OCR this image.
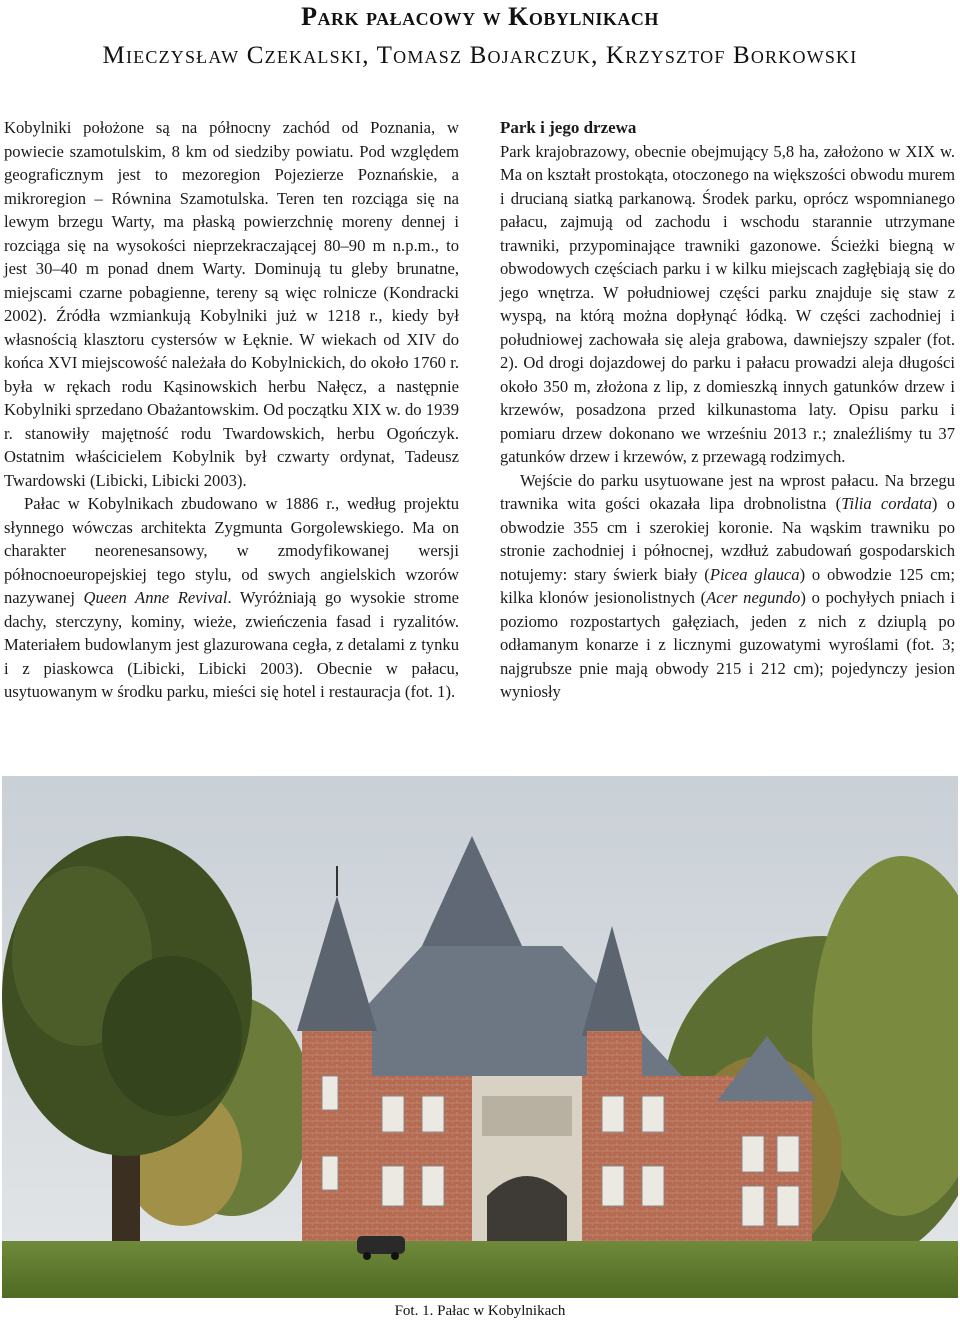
Park pałacowy w Kobylnikach
Mieczysław Czekalski, Tomasz Bojarczuk, Krzysztof Borkowski

Kobylniki położone są na północny zachód od Poznania, w powiecie szamotulskim, 8 km od siedziby powiatu. Pod względem geograficznym jest to mezoregion Pojezierze Poznańskie, a mikroregion – Równina Szamotulska. Teren ten rozciąga się na lewym brzegu Warty, ma płaską powierzchnię moreny dennej i rozciąga się na wysokości nieprzekraczającej 80–90 m n.p.m., to jest 30–40 m ponad dnem Warty. Dominują tu gleby brunatne, miejscami czarne pobagienne, tereny są więc rolnicze (Kondracki 2002). Źródła wzmiankują Kobylniki już w 1218 r., kiedy był własnością klasztoru cystersów w Łęknie. W wiekach od XIV do końca XVI miejscowość należała do Kobylnickich, do około 1760 r. była w rękach rodu Kąsinowskich herbu Nałęcz, a następnie Kobylniki sprzedano Obażantowskim. Od początku XIX w. do 1939 r. stanowiły majętność rodu Twardowskich, herbu Ogończyk. Ostatnim właścicielem Kobylnik był czwarty ordynat, Tadeusz Twardowski (Libicki, Libicki 2003).

Pałac w Kobylnikach zbudowano w 1886 r., według projektu słynnego wówczas architekta Zygmunta Gorgolewskiego. Ma on charakter neorenesansowy, w zmodyfikowanej wersji północnoeuropejskiej tego stylu, od swych angielskich wzorów nazywanej Queen Anne Revival. Wyróżniają go wysokie strome dachy, sterczyny, kominy, wieże, zwieńczenia fasad i ryzalitów. Materiałem budowlanym jest glazurowana cegła, z detalami z tynku i z piaskowca (Libicki, Libicki 2003). Obecnie w pałacu, usytuowanym w środku parku, mieści się hotel i restauracja (fot. 1).

Park i jego drzewa

Park krajobrazowy, obecnie obejmujący 5,8 ha, założono w XIX w. Ma on kształt prostokąta, otoczonego na większości obwodu murem i drucianą siatką parkanową. Środek parku, oprócz wspomnianego pałacu, zajmują od zachodu i wschodu starannie utrzymane trawniki, przypominające trawniki gazonowe. Ścieżki biegną w obwodowych częściach parku i w kilku miejscach zagłębiają się do jego wnętrza. W południowej części parku znajduje się staw z wyspą, na którą można dopłynąć łódką. W części zachodniej i południowej zachowała się aleja grabowa, dawniejszy szpaler (fot. 2). Od drogi dojazdowej do parku i pałacu prowadzi aleja długości około 350 m, złożona z lip, z domieszką innych gatunków drzew i krzewów, posadzona przed kilkunastoma laty. Opisu parku i pomiaru drzew dokonano we wrześniu 2013 r.; znaleźliśmy tu 37 gatunków drzew i krzewów, z przewagą rodzimych.

Wejście do parku usytuowane jest na wprost pałacu. Na brzegu trawnika wita gości okazała lipa drobnolistna (Tilia cordata) o obwodzie 355 cm i szerokiej koronie. Na wąskim trawniku po stronie zachodniej i północnej, wzdłuż zabudowań gospodarskich notujemy: stary świerk biały (Picea glauca) o obwodzie 125 cm; kilka klonów jesionolistnych (Acer negundo) o pochyłych pniach i poziomo rozpostartych gałęziach, jeden z nich z dziuplą po odłamanym konarze i z licznymi guzowatymi wyroślami (fot. 3; najgrubsze pnie mają obwody 215 i 212 cm); pojedynczy jesion wyniosły

Fot. 1. Pałac w Kobylnikach
